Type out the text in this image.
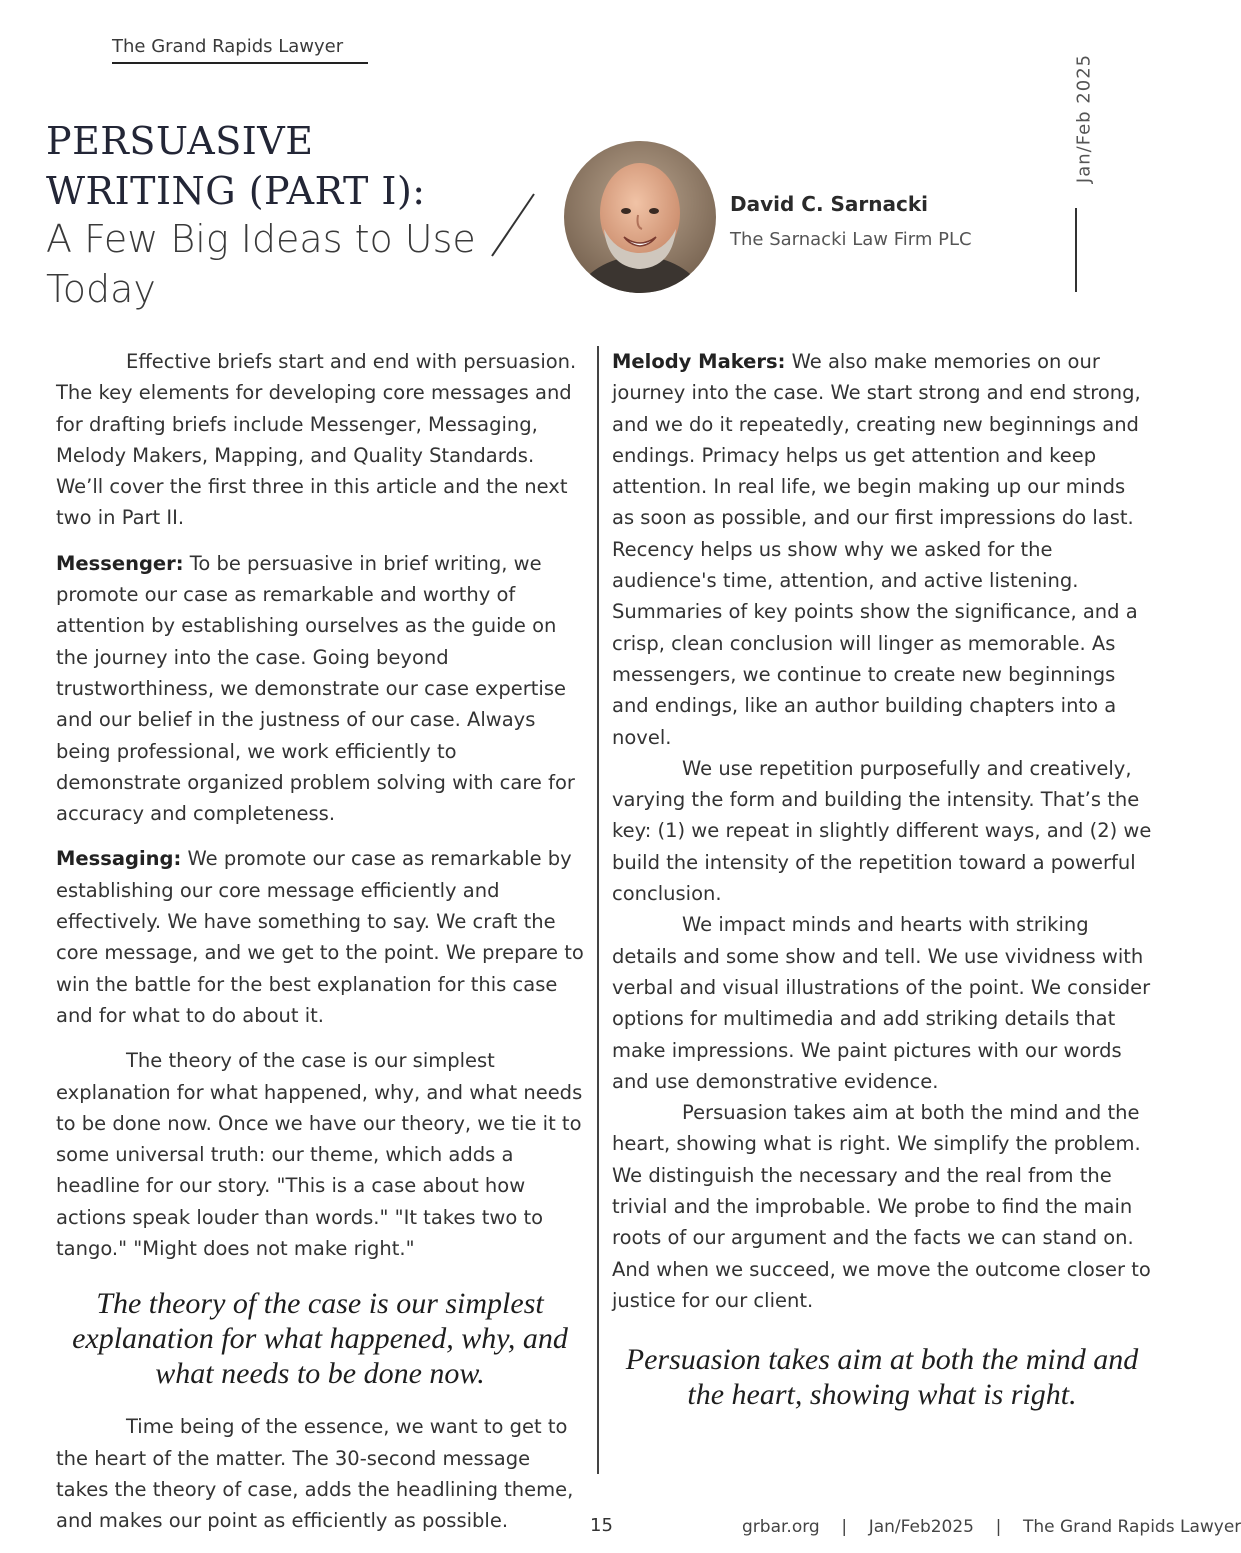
The Grand Rapids Lawyer
Jan/Feb 2025
PERSUASIVE WRITING (PART I):
A Few Big Ideas to Use Today
David C. Sarnacki
The Sarnacki Law Firm PLC

Effective briefs start and end with persuasion. The key elements for developing core messages and for drafting briefs include Messenger, Messaging, Melody Makers, Mapping, and Quality Standards. We’ll cover the first three in this article and the next two in Part II.

Messenger: To be persuasive in brief writing, we promote our case as remarkable and worthy of attention by establishing ourselves as the guide on the journey into the case. Going beyond trustworthiness, we demonstrate our case expertise and our belief in the justness of our case. Always being professional, we work efficiently to demonstrate organized problem solving with care for accuracy and completeness.

Messaging: We promote our case as remarkable by establishing our core message efficiently and effectively. We have something to say. We craft the core message, and we get to the point. We prepare to win the battle for the best explanation for this case and for what to do about it.

The theory of the case is our simplest explanation for what happened, why, and what needs to be done now. Once we have our theory, we tie it to some universal truth: our theme, which adds a headline for our story. "This is a case about how actions speak louder than words." "It takes two to tango." "Might does not make right."

The theory of the case is our simplest explanation for what happened, why, and what needs to be done now.

Time being of the essence, we want to get to the heart of the matter. The 30-second message takes the theory of case, adds the headlining theme, and makes our point as efficiently as possible.

Melody Makers: We also make memories on our journey into the case. We start strong and end strong, and we do it repeatedly, creating new beginnings and endings. Primacy helps us get attention and keep attention. In real life, we begin making up our minds as soon as possible, and our first impressions do last. Recency helps us show why we asked for the audience's time, attention, and active listening. Summaries of key points show the significance, and a crisp, clean conclusion will linger as memorable. As messengers, we continue to create new beginnings and endings, like an author building chapters into a novel.

We use repetition purposefully and creatively, varying the form and building the intensity. That’s the key: (1) we repeat in slightly different ways, and (2) we build the intensity of the repetition toward a powerful conclusion.

We impact minds and hearts with striking details and some show and tell. We use vividness with verbal and visual illustrations of the point. We consider options for multimedia and add striking details that make impressions. We paint pictures with our words and use demonstrative evidence.

Persuasion takes aim at both the mind and the heart, showing what is right. We simplify the problem. We distinguish the necessary and the real from the trivial and the improbable. We probe to find the main roots of our argument and the facts we can stand on. And when we succeed, we move the outcome closer to justice for our client.

Persuasion takes aim at both the mind and the heart, showing what is right.
15	grbar.org | Jan/Feb2025 | The Grand Rapids Lawyer
